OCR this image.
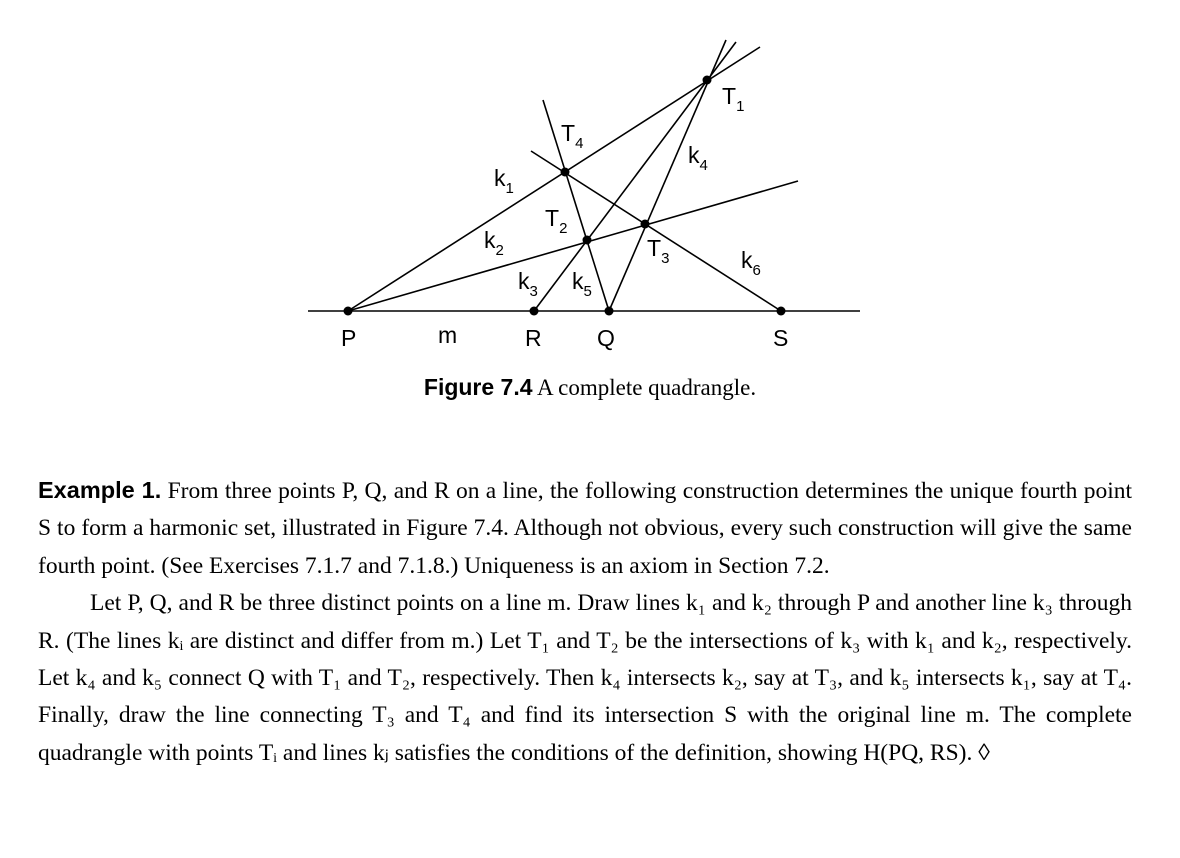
P	R Q	S
m
$T_1$
$T_4$
$T_2$
$T_3$
$k_1$
$k_2$
$k_3$ $k_5$
$k_4$
$k_6$
Figure 7.4 A complete quadrangle.

Example 1. From three points P, Q, and R on a line, the following construction determines the unique fourth point S to form a harmonic set, illustrated in Figure 7.4. Although not obvious, every such construction will give the same fourth point. (See Exercises 7.1.7 and 7.1.8.) Uniqueness is an axiom in Section 7.2.

Let P, Q, and R be three distinct points on a line m. Draw lines k₁ and k₂ through P and another line k₃ through R. (The lines kᵢ are distinct and differ from m.) Let T₁ and T₂ be the intersections of k₃ with k₁ and k₂, respectively. Let k₄ and k₅ connect Q with T₁ and T₂, respectively. Then k₄ intersects k₂, say at T₃, and k₅ intersects k₁, say at T₄. Finally, draw the line connecting T₃ and T₄ and find its intersection S with the original line m. The complete quadrangle with points Tᵢ and lines kⱼ satisfies the conditions of the definition, showing H(PQ, RS). ◊
